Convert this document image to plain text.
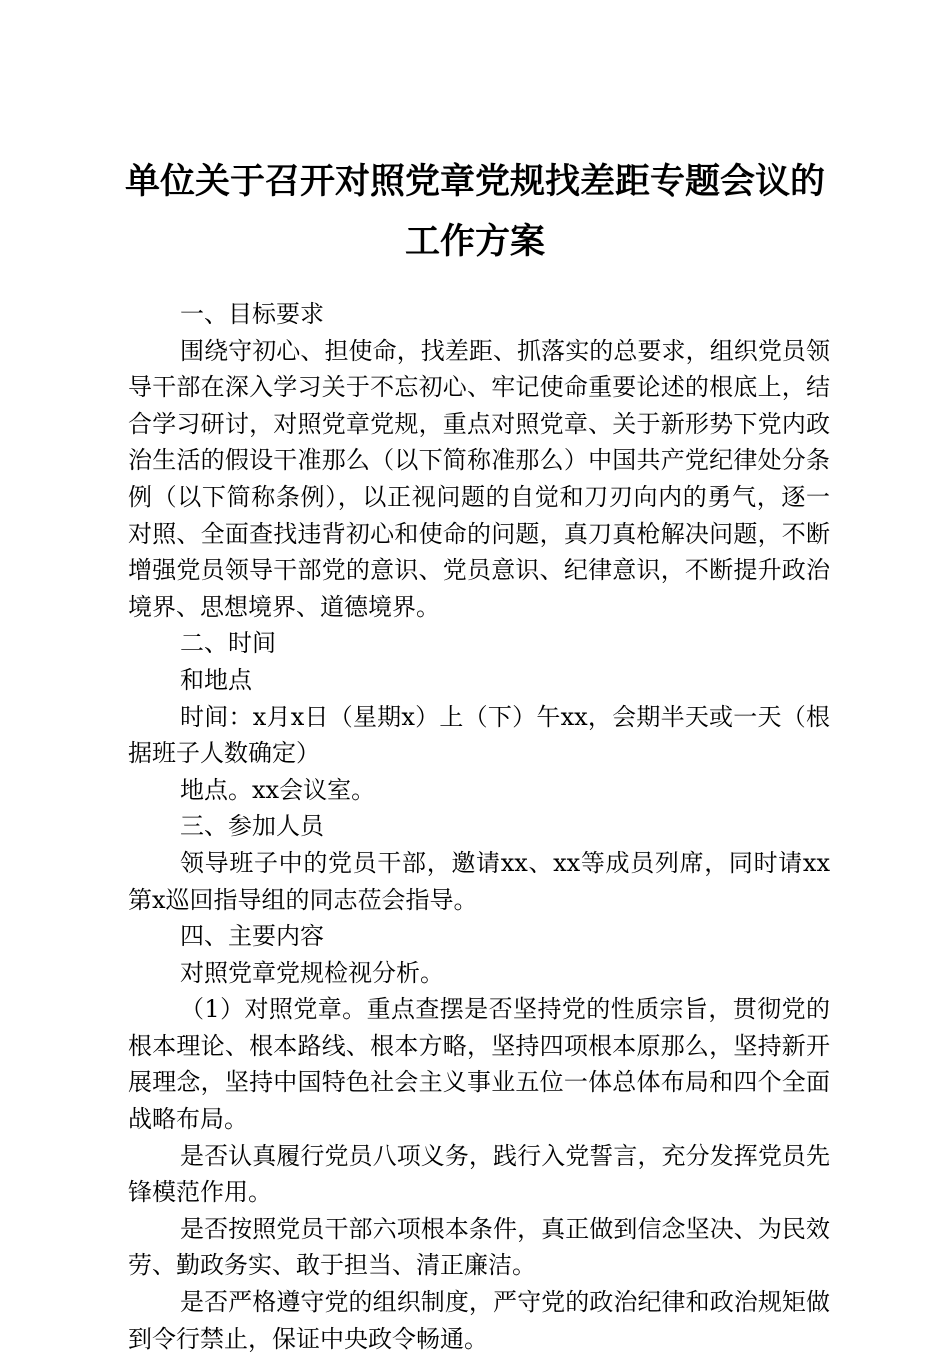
单位关于召开对照党章党规找差距专题会议的
工作方案

一、目标要求

围绕守初心、担使命，找差距、抓落实的总要求，组织党员领导干部在深入学习关于不忘初心、牢记使命重要论述的根底上，结合学习研讨，对照党章党规，重点对照党章、关于新形势下党内政治生活的假设干准那么（以下简称准那么）中国共产党纪律处分条例（以下简称条例），以正视问题的自觉和刀刃向内的勇气，逐一对照、全面查找违背初心和使命的问题，真刀真枪解决问题，不断增强党员领导干部党的意识、党员意识、纪律意识，不断提升政治境界、思想境界、道德境界。

二、时间

和地点

时间：x月x日（星期x）上（下）午xx，会期半天或一天（根据班子人数确定）

地点。xx会议室。

三、参加人员

领导班子中的党员干部，邀请xx、xx等成员列席，同时请xx第x巡回指导组的同志莅会指导。

四、主要内容

对照党章党规检视分析。

（1）对照党章。重点查摆是否坚持党的性质宗旨，贯彻党的根本理论、根本路线、根本方略，坚持四项根本原那么，坚持新开展理念，坚持中国特色社会主义事业五位一体总体布局和四个全面战略布局。

是否认真履行党员八项义务，践行入党誓言，充分发挥党员先锋模范作用。

是否按照党员干部六项根本条件，真正做到信念坚决、为民效劳、勤政务实、敢于担当、清正廉洁。

是否严格遵守党的组织制度，严守党的政治纪律和政治规矩做到令行禁止，保证中央政令畅通。
